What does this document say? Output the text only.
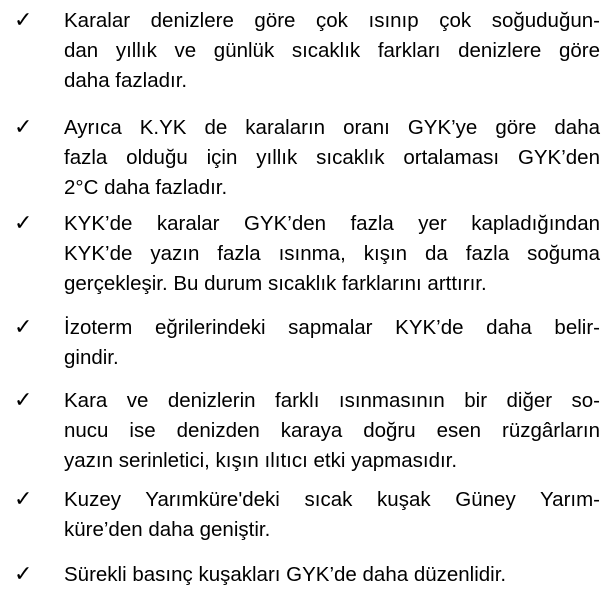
✓ Karalar denizlere göre çok ısınıp çok soğuduğun-
dan yıllık ve günlük sıcaklık farkları denizlere göre
daha fazladır.
✓ Ayrıca K.YK de karaların oranı GYK’ye göre daha
fazla olduğu için yıllık sıcaklık ortalaması GYK’den
2°C daha fazladır.
✓ KYK’de karalar GYK’den fazla yer kapladığından
KYK’de yazın fazla ısınma, kışın da fazla soğuma
gerçekleşir. Bu durum sıcaklık farklarını arttırır.
✓ İzoterm eğrilerindeki sapmalar KYK’de daha belir-
gindir.
✓ Kara ve denizlerin farklı ısınmasının bir diğer so-
nucu ise denizden karaya doğru esen rüzgârların
yazın serinletici, kışın ılıtıcı etki yapmasıdır.
✓ Kuzey Yarımküre'deki sıcak kuşak Güney Yarım-
küre’den daha geniştir.
✓ Sürekli basınç kuşakları GYK’de daha düzenlidir.
